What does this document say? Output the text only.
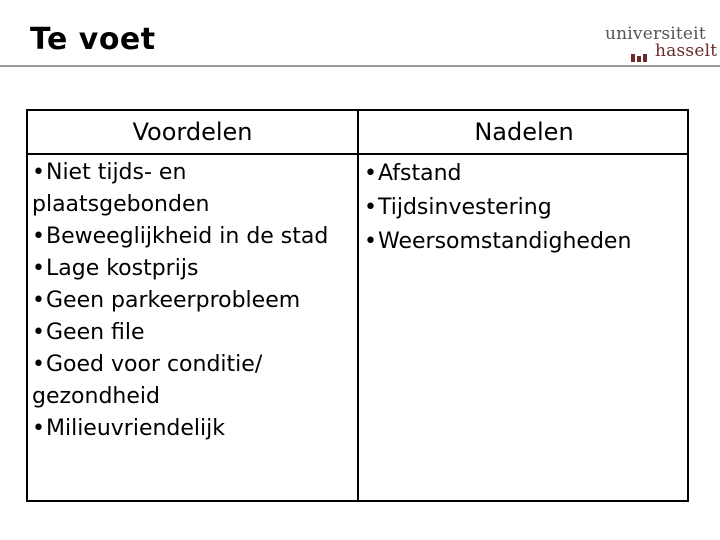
Te voet	universiteit
hasselt
Voordelen	Nadelen
•Niet tijds- en plaatsgebonden
•Beweeglijkheid in de stad
•Lage kostprijs
•Geen parkeerprobleem
•Geen file
•Goed voor conditie/ gezondheid
•Milieuvriendelijk
•Afstand
•Tijdsinvestering
•Weersomstandigheden
